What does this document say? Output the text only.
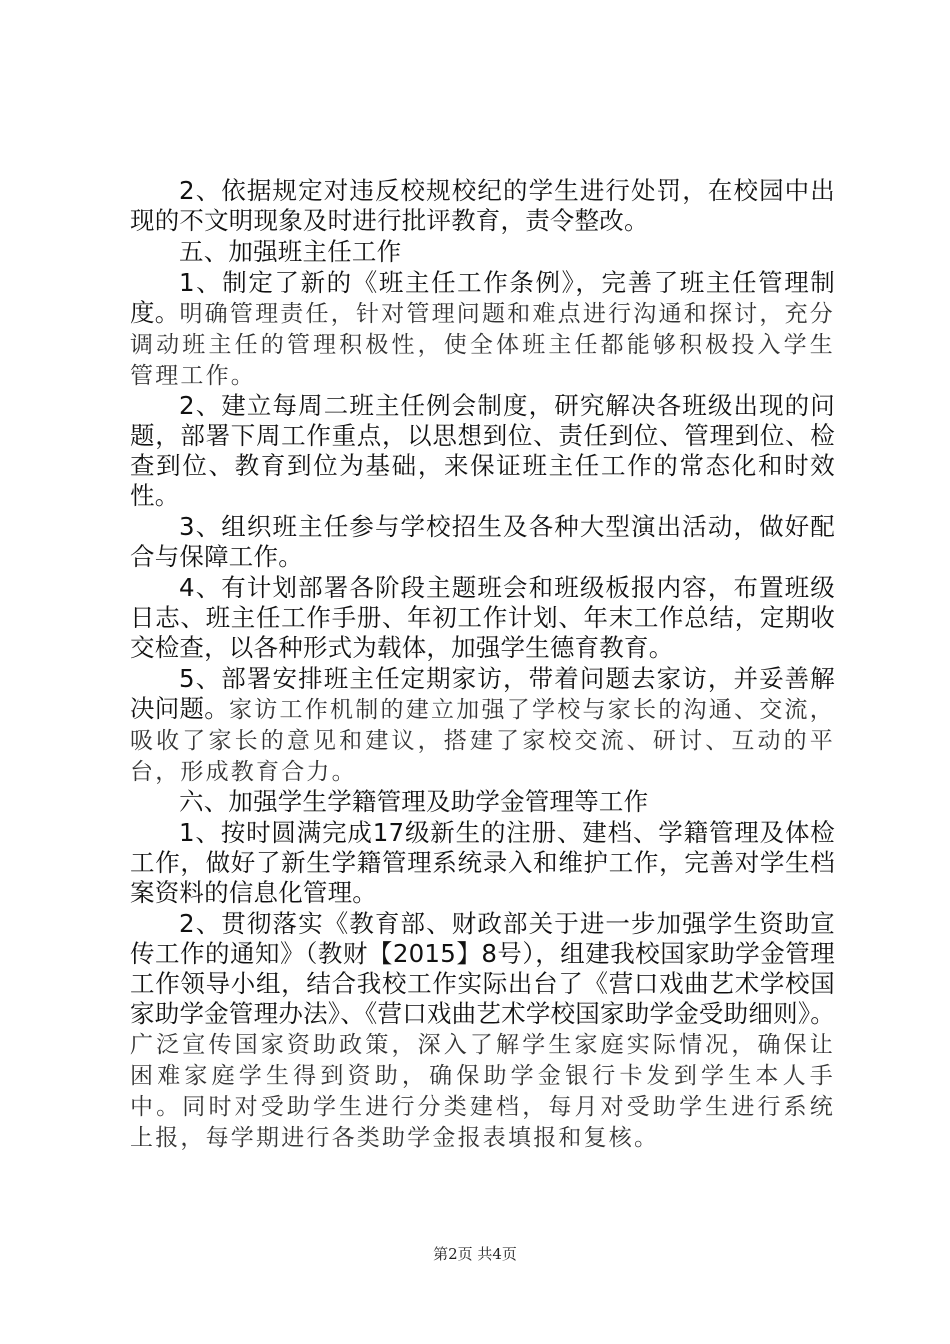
2、依据规定对违反校规校纪的学生进行处罚，在校园中出现的不文明现象及时进行批评教育，责令整改。

五、加强班主任工作

1、制定了新的《班主任工作条例》，完善了班主任管理制度。明确管理责任，针对管理问题和难点进行沟通和探讨，充分调动班主任的管理积极性，使全体班主任都能够积极投入学生管理工作。

2、建立每周二班主任例会制度，研究解决各班级出现的问题，部署下周工作重点，以思想到位、责任到位、管理到位、检查到位、教育到位为基础，来保证班主任工作的常态化和时效性。

3、组织班主任参与学校招生及各种大型演出活动，做好配合与保障工作。

4、有计划部署各阶段主题班会和班级板报内容，布置班级日志、班主任工作手册、年初工作计划、年末工作总结，定期收交检查，以各种形式为载体，加强学生德育教育。

5、部署安排班主任定期家访，带着问题去家访，并妥善解决问题。家访工作机制的建立加强了学校与家长的沟通、交流，吸收了家长的意见和建议，搭建了家校交流、研讨、互动的平台，形成教育合力。

六、加强学生学籍管理及助学金管理等工作

1、按时圆满完成17级新生的注册、建档、学籍管理及体检工作，做好了新生学籍管理系统录入和维护工作，完善对学生档案资料的信息化管理。

2、贯彻落实《教育部、财政部关于进一步加强学生资助宣传工作的通知》（教财【2015】8号），组建我校国家助学金管理工作领导小组，结合我校工作实际出台了《营口戏曲艺术学校国家助学金管理办法》、《营口戏曲艺术学校国家助学金受助细则》。广泛宣传国家资助政策，深入了解学生家庭实际情况，确保让困难家庭学生得到资助，确保助学金银行卡发到学生本人手中。同时对受助学生进行分类建档，每月对受助学生进行系统上报，每学期进行各类助学金报表填报和复核。

第2页 共4页
